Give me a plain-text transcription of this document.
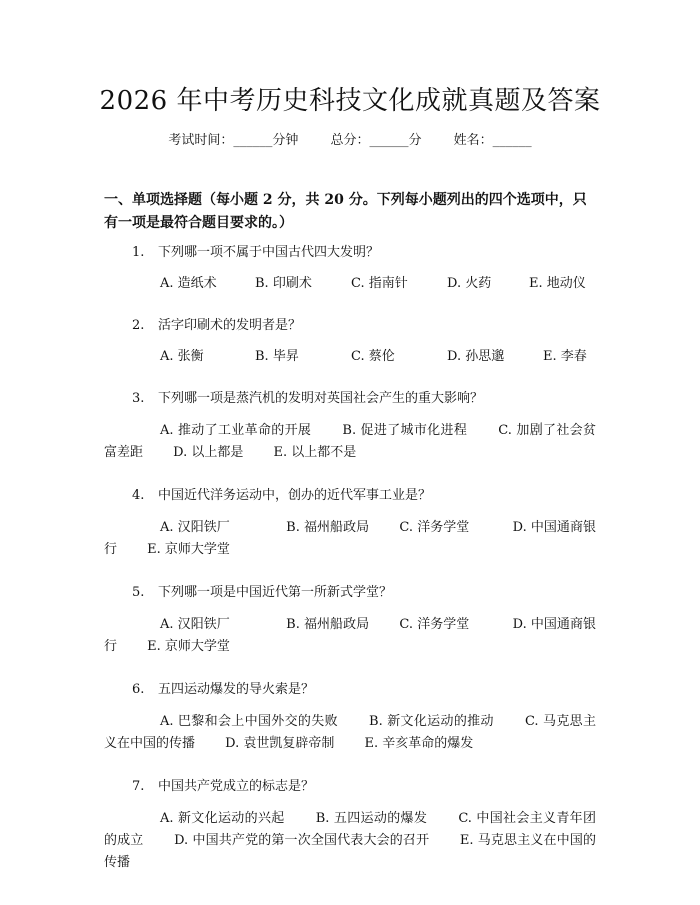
2026 年中考历史科技文化成就真题及答案
考试时间：______分钟 总分：______分 姓名：______
一、单项选择题（每小题 2 分，共 20 分。下列每小题列出的四个选项中，只有一项是最符合题目要求的。）
1. 下列哪一项不属于中国古代四大发明？
A. 造纸术	B. 印刷术	C. 指南针	D. 火药	E. 地动仪
2. 活字印刷术的发明者是？
A. 张衡	B. 毕昇	C. 蔡伦	D. 孙思邈	E. 李春
3. 下列哪一项是蒸汽机的发明对英国社会产生的重大影响？
A. 推动了工业革命的开展　　 B. 促进了城市化进程　　 C. 加剧了社会贫富差距　　 D. 以上都是　　 E. 以上都不是
4. 中国近代洋务运动中，创办的近代军事工业是？
A. 汉阳铁厂　　　　	B. 福州船政局　　 C. 洋务学堂　　　	D. 中国通商银行　　 E. 京师大学堂
5. 下列哪一项是中国近代第一所新式学堂？
A. 汉阳铁厂　　　　	B. 福州船政局　　 C. 洋务学堂　　　	D. 中国通商银行　　 E. 京师大学堂
6. 五四运动爆发的导火索是？
A. 巴黎和会上中国外交的失败　　 B. 新文化运动的推动　　 C. 马克思主义在中国的传播　　 D. 袁世凯复辟帝制　　 E. 辛亥革命的爆发
7. 中国共产党成立的标志是？
A. 新文化运动的兴起　　 B. 五四运动的爆发　　 C. 中国社会主义青年团的成立　　 D. 中国共产党的第一次全国代表大会的召开　　 E. 马克思主义在中国的传播
